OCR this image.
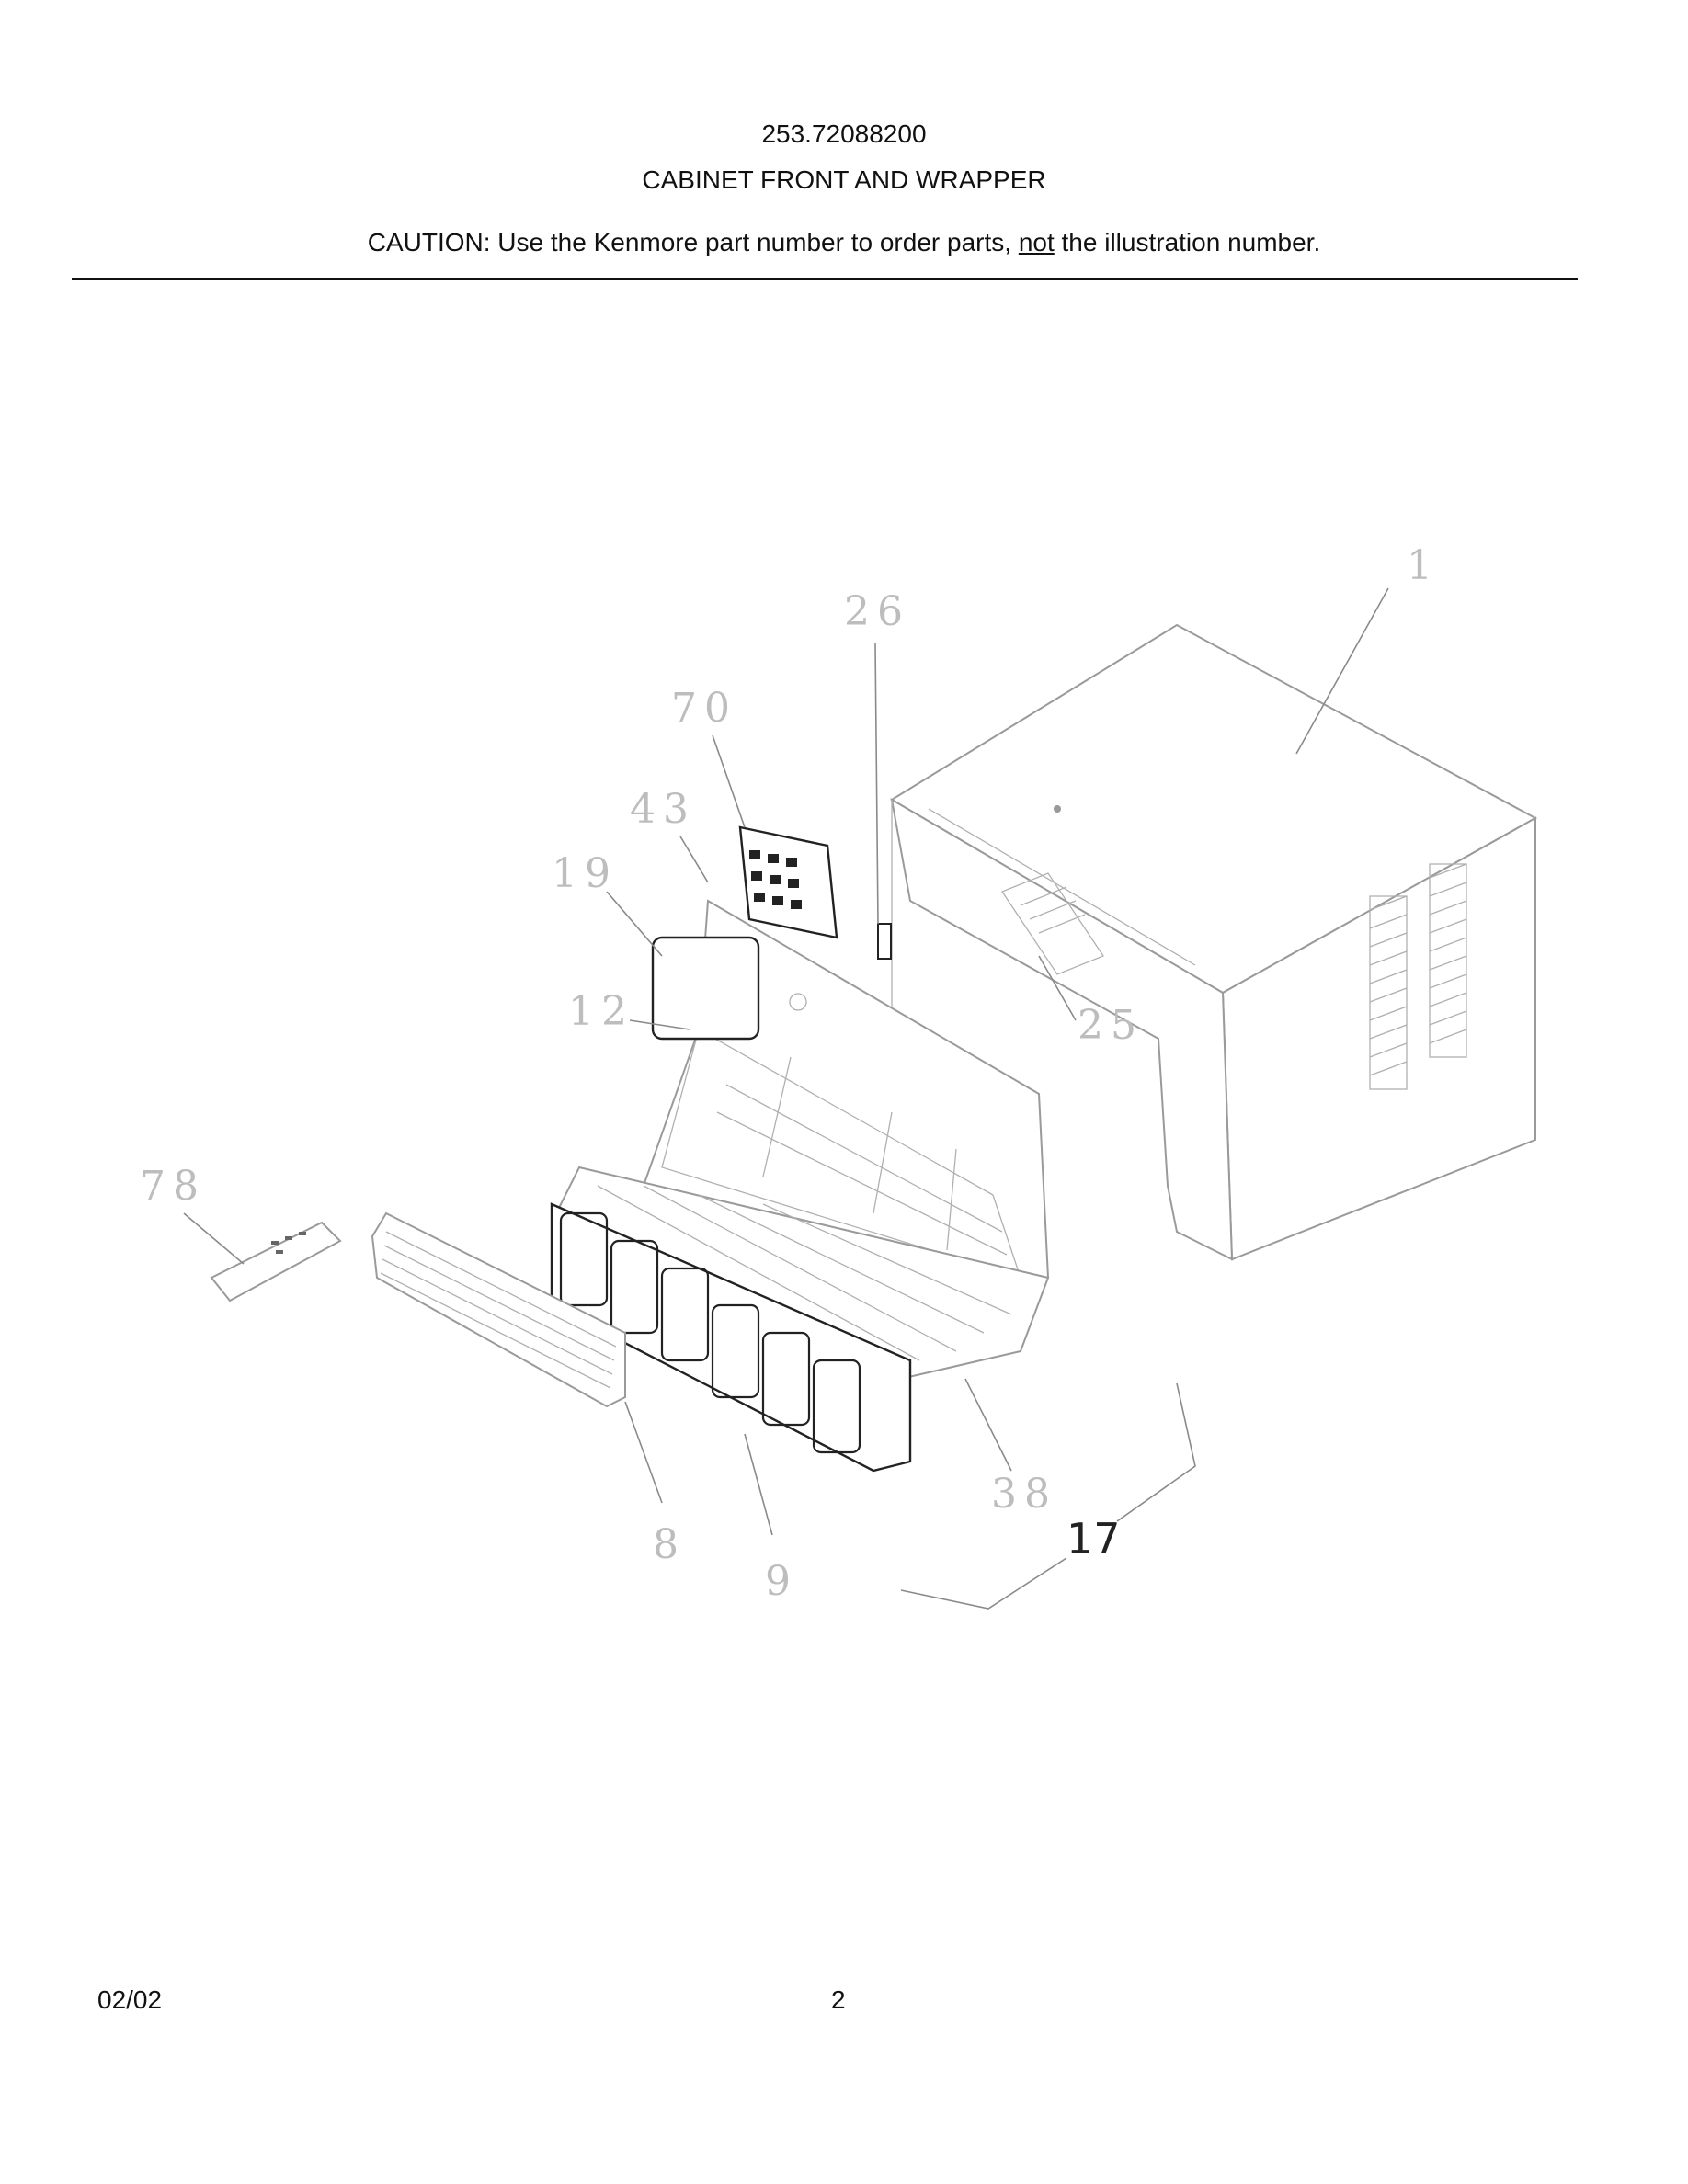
253.72088200
CABINET FRONT AND WRAPPER
CAUTION: Use the Kenmore part number to order parts, not the illustration number.
1
26
70
43
19
12	25
78
38
8
9
17
02/02	2
